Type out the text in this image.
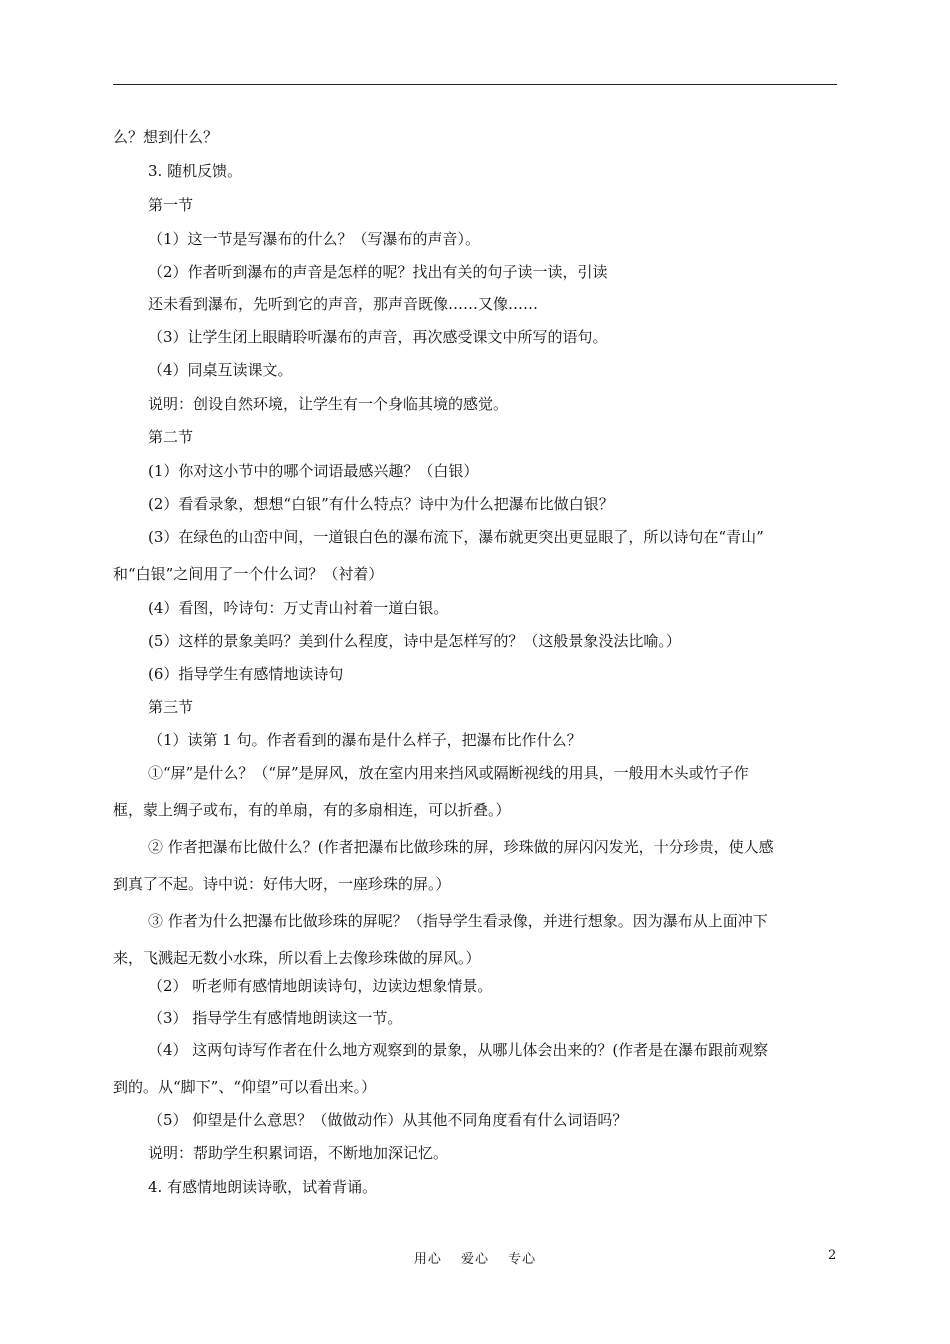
么？想到什么？
3. 随机反馈。
第一节
（1）这一节是写瀑布的什么？（写瀑布的声音）。
（2）作者听到瀑布的声音是怎样的呢？找出有关的句子读一读，引读
还未看到瀑布，先听到它的声音，那声音既像……又像……
（3）让学生闭上眼睛聆听瀑布的声音，再次感受课文中所写的语句。
（4）同桌互读课文。
说明：创设自然环境，让学生有一个身临其境的感觉。
第二节
(1）你对这小节中的哪个词语最感兴趣？（白银）
(2）看看录象，想想“白银”有什么特点？诗中为什么把瀑布比做白银？
(3）在绿色的山峦中间，一道银白色的瀑布流下，瀑布就更突出更显眼了，所以诗句在“青山”
和“白银”之间用了一个什么词？（衬着）
(4）看图，吟诗句：万丈青山衬着一道白银。
(5）这样的景象美吗？美到什么程度，诗中是怎样写的？（这般景象没法比喻。）
(6）指导学生有感情地读诗句
第三节
（1）读第 1 句。作者看到的瀑布是什么样子，把瀑布比作什么？
①“屏”是什么？（“屏”是屏风，放在室内用来挡风或隔断视线的用具，一般用木头或竹子作
框，蒙上绸子或布，有的单扇，有的多扇相连，可以折叠。）
② 作者把瀑布比做什么？(作者把瀑布比做珍珠的屏，珍珠做的屏闪闪发光，十分珍贵，使人感
到真了不起。诗中说：好伟大呀，一座珍珠的屏。）
③ 作者为什么把瀑布比做珍珠的屏呢？（指导学生看录像，并进行想象。因为瀑布从上面冲下
来，飞溅起无数小水珠，所以看上去像珍珠做的屏风。）
（2） 听老师有感情地朗读诗句，边读边想象情景。
（3） 指导学生有感情地朗读这一节。
（4） 这两句诗写作者在什么地方观察到的景象，从哪儿体会出来的？(作者是在瀑布跟前观察
到的。从“脚下”、“仰望”可以看出来。）
（5） 仰望是什么意思？（做做动作）从其他不同角度看有什么词语吗？
说明：帮助学生积累词语，不断地加深记忆。
4. 有感情地朗读诗歌，试着背诵。
用心　 爱心　 专心	2
